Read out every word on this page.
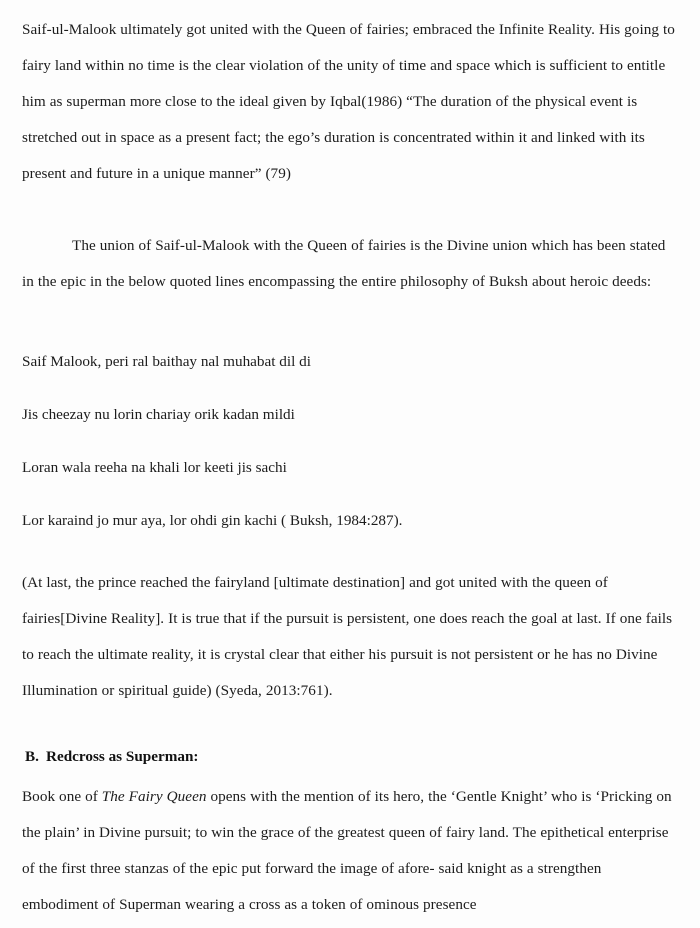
Saif-ul-Malook ultimately got united with the Queen of fairies; embraced the Infinite Reality. His going to fairy land within no time is the clear violation of the unity of time and space which is sufficient to entitle him as superman more close to the ideal given by Iqbal(1986) “The duration of the physical event is stretched out in space as a present fact; the ego’s duration is concentrated within it and linked with its present and future in a unique manner” (79)

The union of Saif-ul-Malook with the Queen of fairies is the Divine union which has been stated in the epic in the below quoted lines encompassing the entire philosophy of Buksh about heroic deeds:

Saif Malook, peri ral baithay nal muhabat dil di

Jis cheezay nu lorin chariay orik kadan mildi

Loran wala reeha na khali lor keeti jis sachi

Lor karaind jo mur aya, lor ohdi gin kachi ( Buksh, 1984:287).

(At last, the prince reached the fairyland [ultimate destination] and got united with the queen of fairies[Divine Reality]. It is true that if the pursuit is persistent, one does reach the goal at last. If one fails to reach the ultimate reality, it is crystal clear that either his pursuit is not persistent or he has no Divine Illumination or spiritual guide) (Syeda, 2013:761).

B. Redcross as Superman:

Book one of The Fairy Queen opens with the mention of its hero, the ‘Gentle Knight’ who is ‘Pricking on the plain’ in Divine pursuit; to win the grace of the greatest queen of fairy land. The epithetical enterprise of the first three stanzas of the epic put forward the image of afore- said knight as a strengthen embodiment of Superman wearing a cross as a token of ominous presence
